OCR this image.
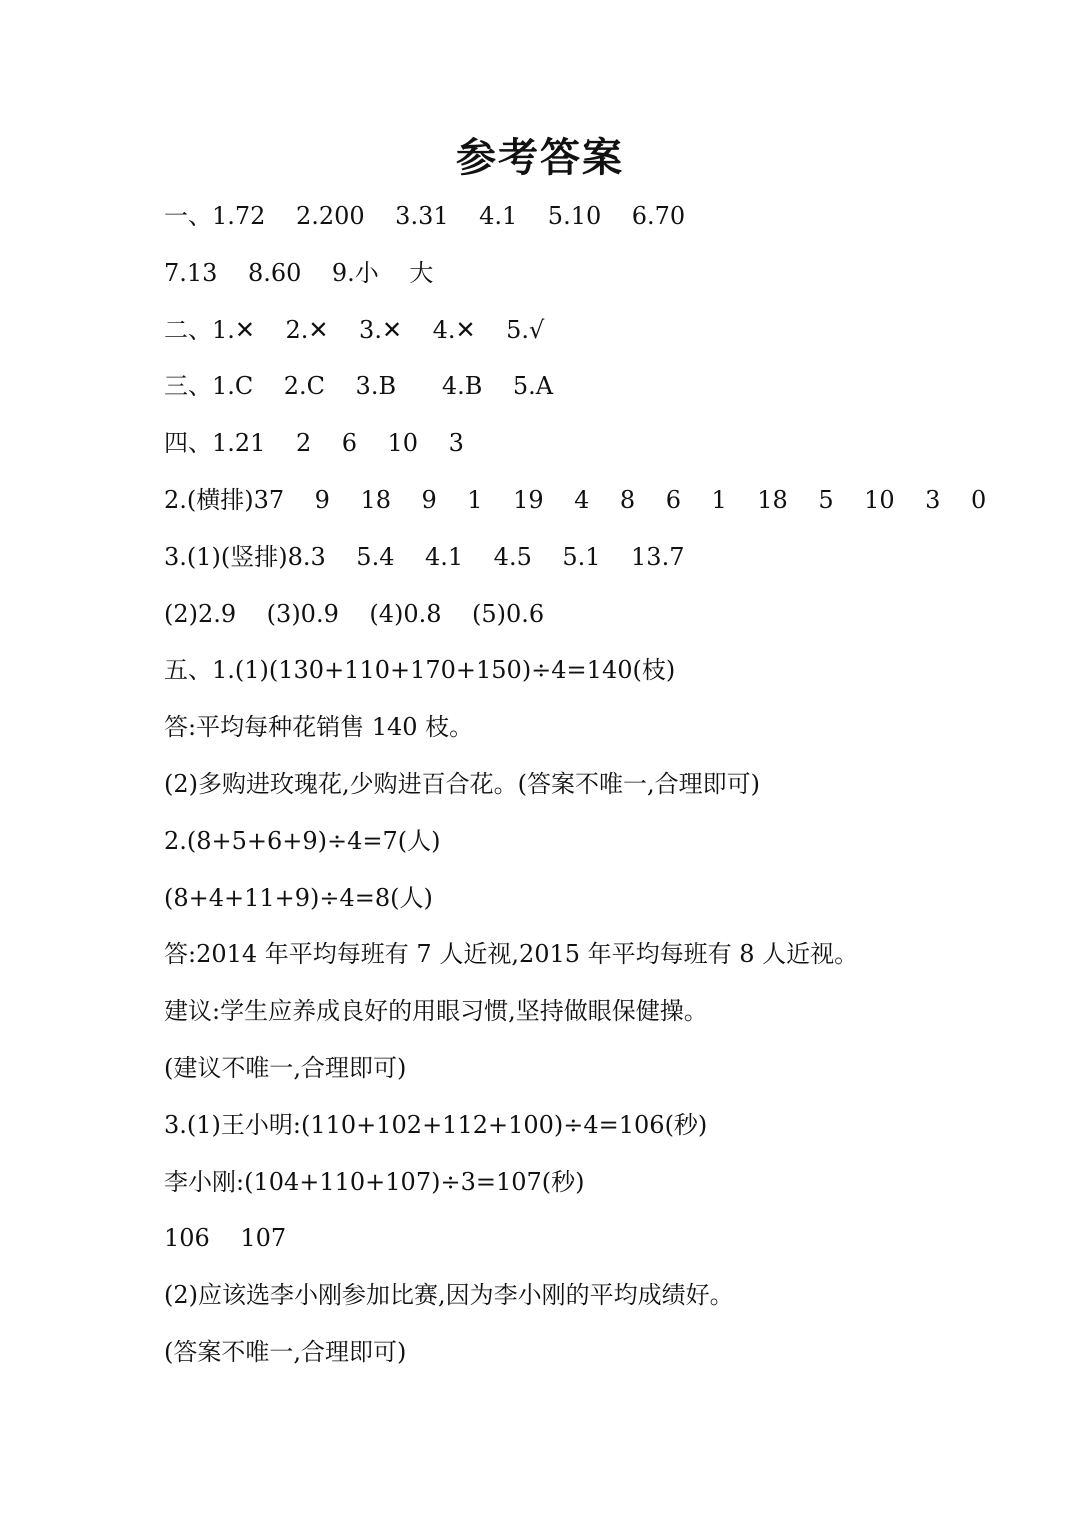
参考答案
一、1.72    2.200    3.31    4.1    5.10    6.70
7.13    8.60    9.小    大
二、1.✕    2.✕    3.✕    4.✕    5.√
三、1.C    2.C    3.B      4.B    5.A
四、1.21    2    6    10    3
2.(横排)37    9    18    9    1    19    4    8    6    1    18    5    10    3    0
3.(1)(竖排)8.3    5.4    4.1    4.5    5.1    13.7
(2)2.9    (3)0.9    (4)0.8    (5)0.6
五、1.(1)(130+110+170+150)÷4=140(枝)
答:平均每种花销售 140 枝。
(2)多购进玫瑰花,少购进百合花。(答案不唯一,合理即可)
2.(8+5+6+9)÷4=7(人)
(8+4+11+9)÷4=8(人)
答:2014 年平均每班有 7 人近视,2015 年平均每班有 8 人近视。
建议:学生应养成良好的用眼习惯,坚持做眼保健操。
(建议不唯一,合理即可)
3.(1)王小明:(110+102+112+100)÷4=106(秒)
李小刚:(104+110+107)÷3=107(秒)
106    107
(2)应该选李小刚参加比赛,因为李小刚的平均成绩好。
(答案不唯一,合理即可)
